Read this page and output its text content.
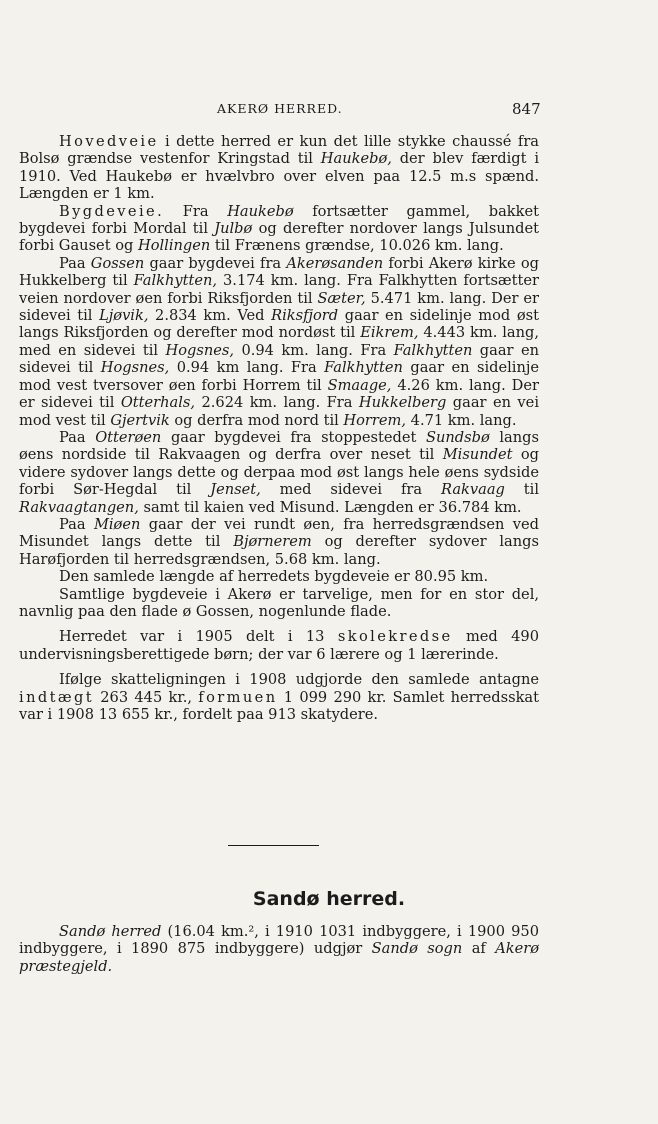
AKERØ HERRED.	847

Hovedveie i dette herred er kun det lille stykke chaussé fra Bolsø grændse vestenfor Kringstad til Haukebø, der blev færdigt i 1910. Ved Haukebø er hvælvbro over elven paa 12.5 m.s spænd. Længden er 1 km.

Bygdeveie. Fra Haukebø fortsætter gammel, bakket bygdevei forbi Mordal til Julbø og derefter nordover langs Julsundet forbi Gauset og Hollingen til Frænens grændse, 10.026 km. lang.

Paa Gossen gaar bygdevei fra Akerøsanden forbi Akerø kirke og Hukkelberg til Falkhytten, 3.174 km. lang. Fra Falkhytten fortsætter veien nordover øen forbi Riksfjorden til Sæter, 5.471 km. lang. Der er sidevei til Ljøvik, 2.834 km. Ved Riksfjord gaar en sidelinje mod øst langs Riksfjorden og derefter mod nordøst til Eikrem, 4.443 km. lang, med en sidevei til Hogsnes, 0.94 km. lang. Fra Falkhytten gaar en sidevei til Hogsnes, 0.94 km lang. Fra Falkhytten gaar en sidelinje mod vest tversover øen forbi Horrem til Smaage, 4.26 km. lang. Der er sidevei til Otterhals, 2.624 km. lang. Fra Hukkelberg gaar en vei mod vest til Gjertvik og derfra mod nord til Horrem, 4.71 km. lang.

Paa Otterøen gaar bygdevei fra stoppestedet Sundsbø langs øens nordside til Rakvaagen og derfra over neset til Misundet og videre sydover langs dette og derpaa mod øst langs hele øens sydside forbi Sør-Hegdal til Jenset, med sidevei fra Rakvaag til Rakvaagtangen, samt til kaien ved Misund. Længden er 36.784 km.

Paa Miøen gaar der vei rundt øen, fra herredsgrændsen ved Misundet langs dette til Bjørnerem og derefter sydover langs Harøfjorden til herredsgrændsen, 5.68 km. lang.

Den samlede længde af herredets bygdeveie er 80.95 km.

Samtlige bygdeveie i Akerø er tarvelige, men for en stor del, navnlig paa den flade ø Gossen, nogenlunde flade.

Herredet var i 1905 delt i 13 skolekredse med 490 undervisningsberettigede børn; der var 6 lærere og 1 lærerinde.

Ifølge skatteligningen i 1908 udgjorde den samlede antagne indtægt 263 445 kr., formuen 1 099 290 kr. Samlet herredsskat var i 1908 13 655 kr., fordelt paa 913 skatydere.

Sandø herred.

Sandø herred (16.04 km.², i 1910 1031 indbyggere, i 1900 950 indbyggere, i 1890 875 indbyggere) udgjør Sandø sogn af Akerø præstegjeld.
